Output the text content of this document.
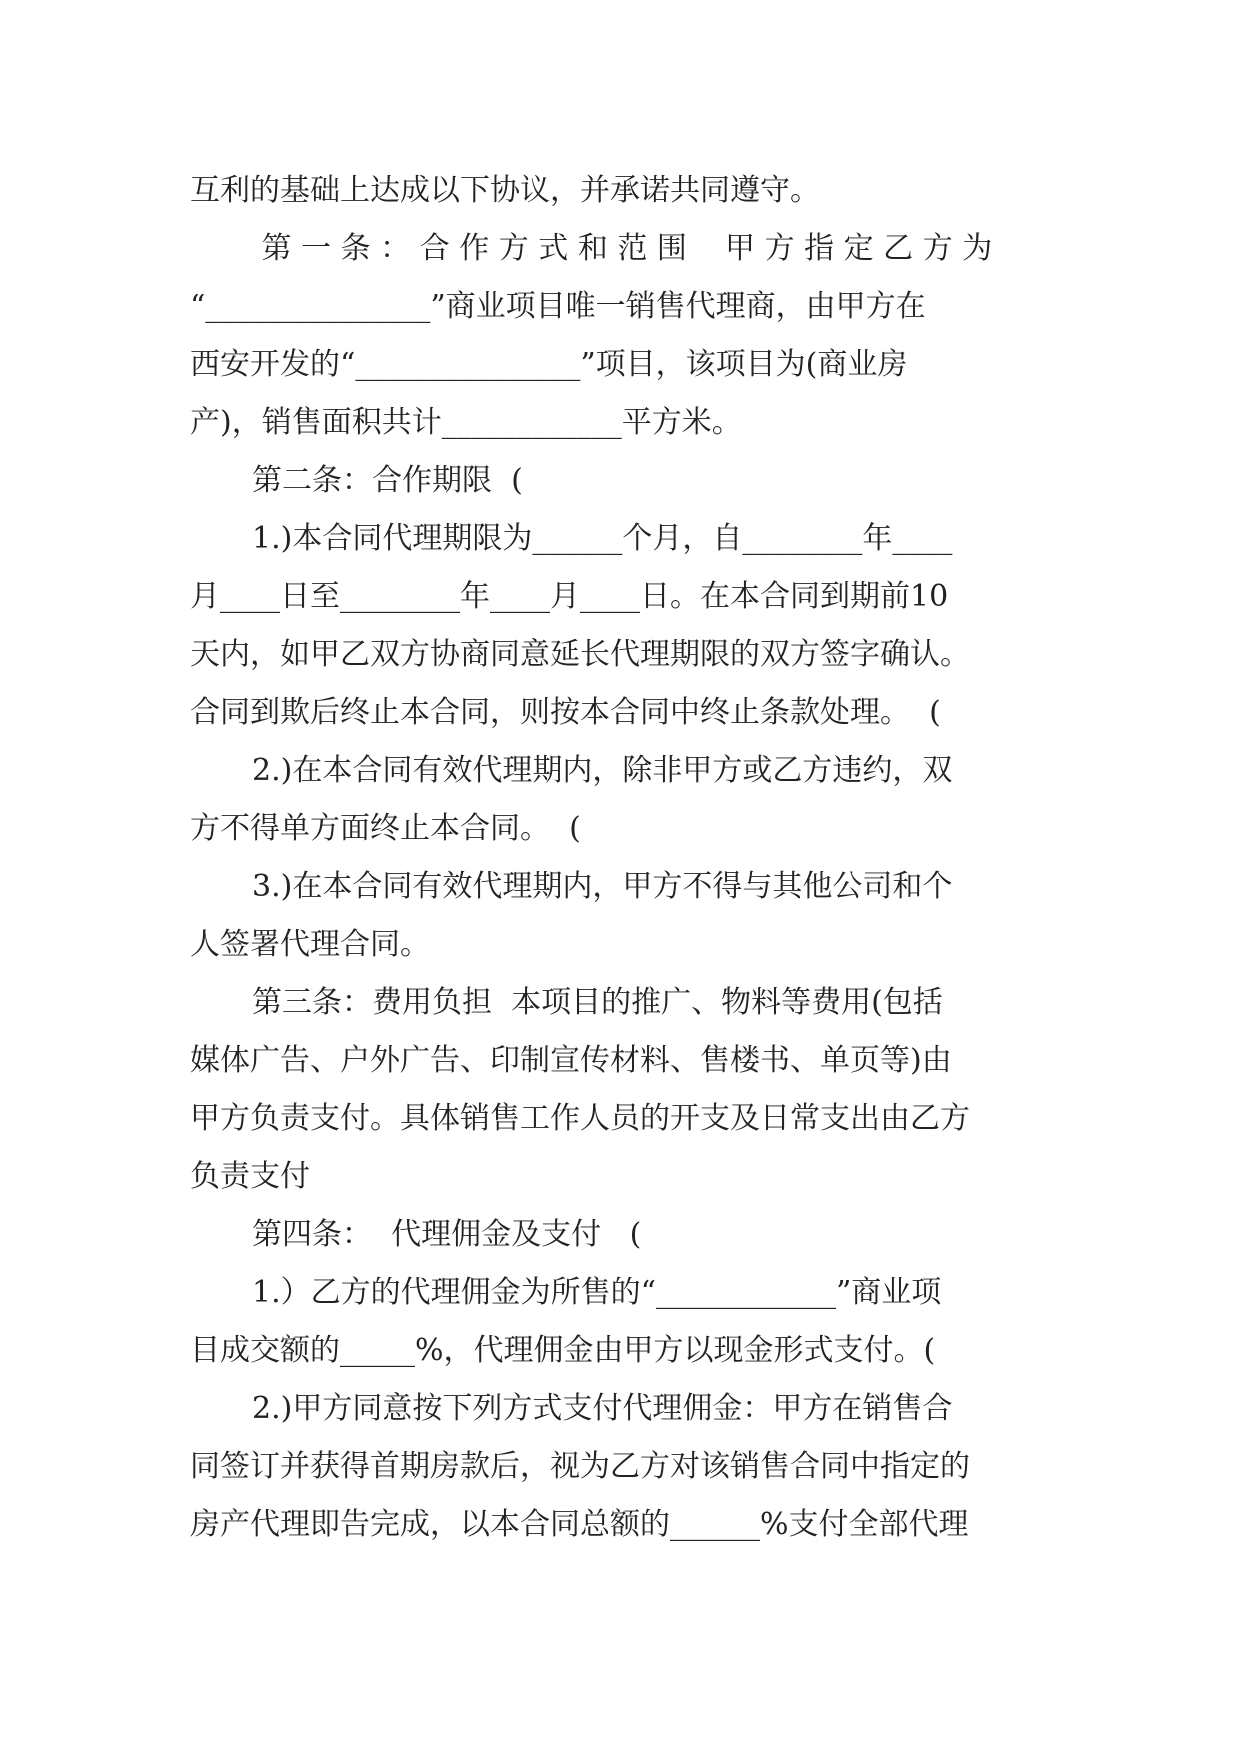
互利的基础上达成以下协议，并承诺共同遵守。
第 一 条 ： 合 作 方 式 和 范 围    甲 方 指 定 乙 方 为
“_______________”商业项目唯一销售代理商，由甲方在
西安开发的“_______________”项目，该项目为(商业房
产)，销售面积共计____________平方米。
第二条：合作期限  (
1.)本合同代理期限为______个月，自________年____
月____日至________年____月____日。在本合同到期前10
天内，如甲乙双方协商同意延长代理期限的双方签字确认。
合同到欺后终止本合同，则按本合同中终止条款处理。  (
2.)在本合同有效代理期内，除非甲方或乙方违约，双
方不得单方面终止本合同。  (
3.)在本合同有效代理期内，甲方不得与其他公司和个
人签署代理合同。
第三条：费用负担  本项目的推广、物料等费用(包括
媒体广告、户外广告、印制宣传材料、售楼书、单页等)由
甲方负责支付。具体销售工作人员的开支及日常支出由乙方
负责支付
第四条：  代理佣金及支付   (
1.）乙方的代理佣金为所售的“____________”商业项
目成交额的_____%，代理佣金由甲方以现金形式支付。(
2.)甲方同意按下列方式支付代理佣金：甲方在销售合
同签订并获得首期房款后，视为乙方对该销售合同中指定的
房产代理即告完成，以本合同总额的______%支付全部代理
